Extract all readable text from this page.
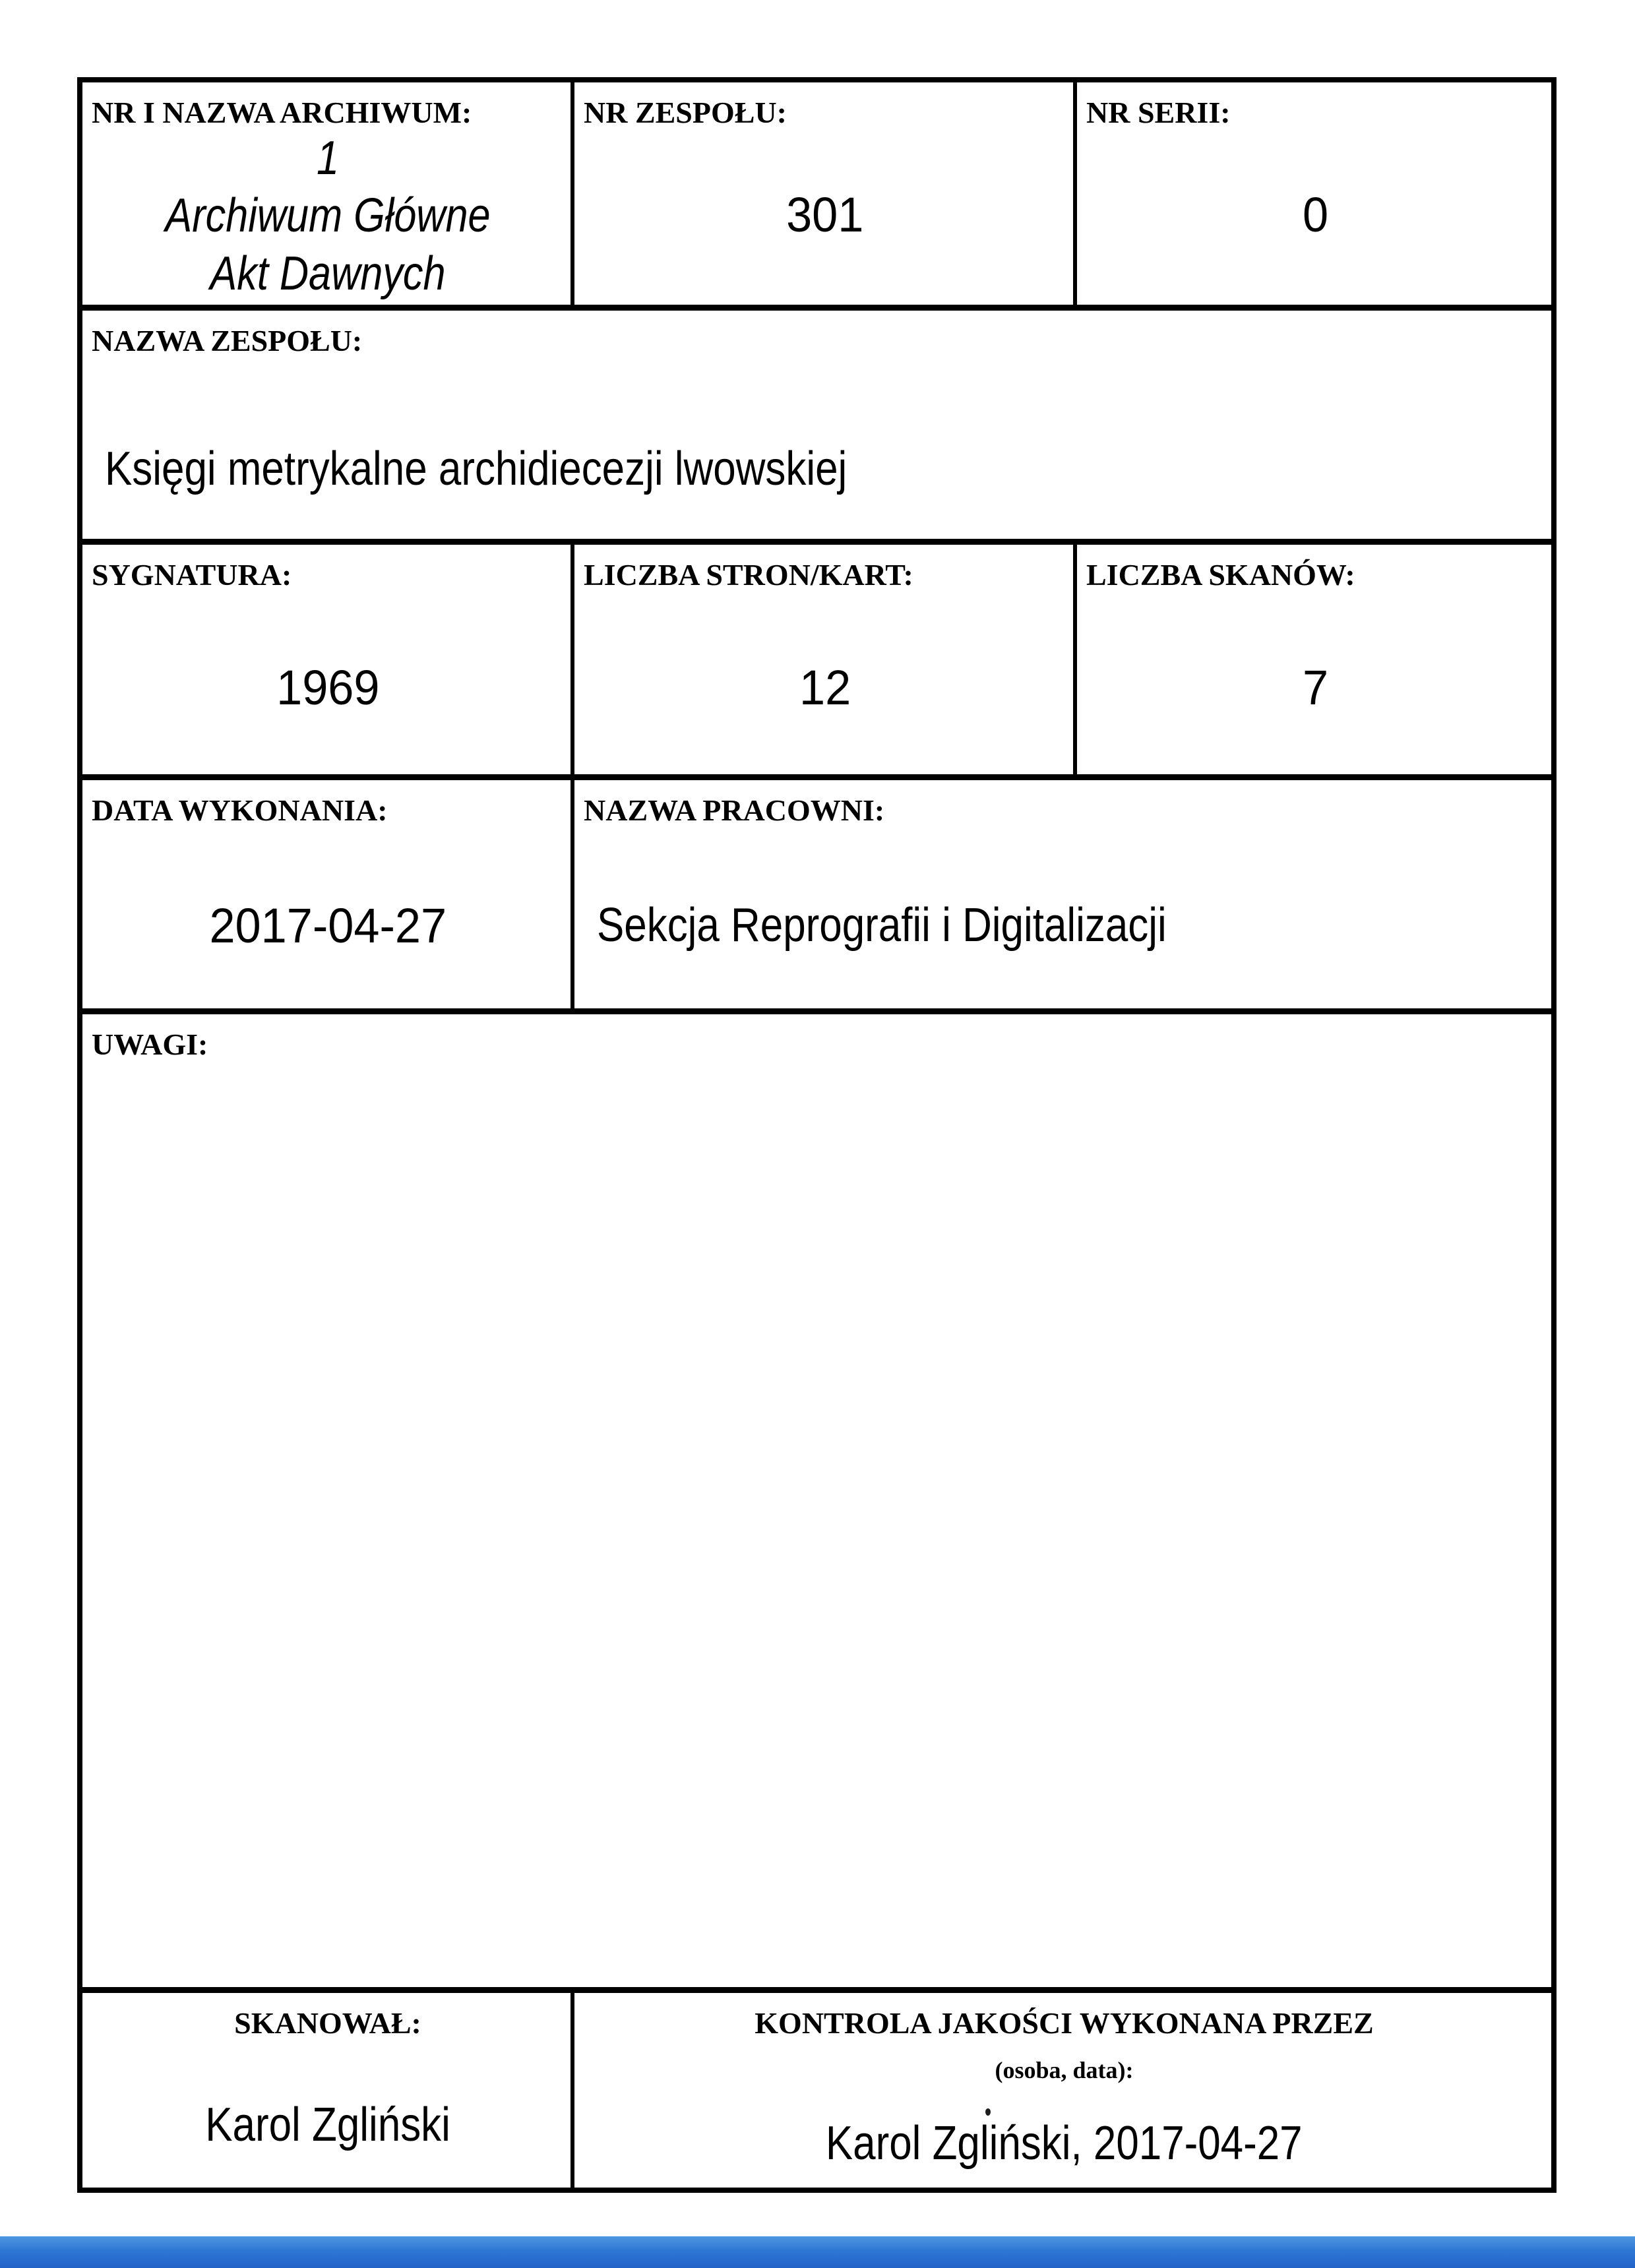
NR I NAZWA ARCHIWUM:
1
Archiwum Główne
Akt Dawnych
NR ZESPOŁU:
301
NR SERII:
0
NAZWA ZESPOŁU:
Księgi metrykalne archidiecezji lwowskiej
SYGNATURA:
1969
LICZBA STRON/KART:
12
LICZBA SKANÓW:
7
DATA WYKONANIA:
2017-04-27
NAZWA PRACOWNI:
Sekcja Reprografii i Digitalizacji
UWAGI:
SKANOWAŁ:
Karol Zgliński
KONTROLA JAKOŚCI WYKONANA PRZEZ
(osoba, data):
Karol Zgliński, 2017-04-27
